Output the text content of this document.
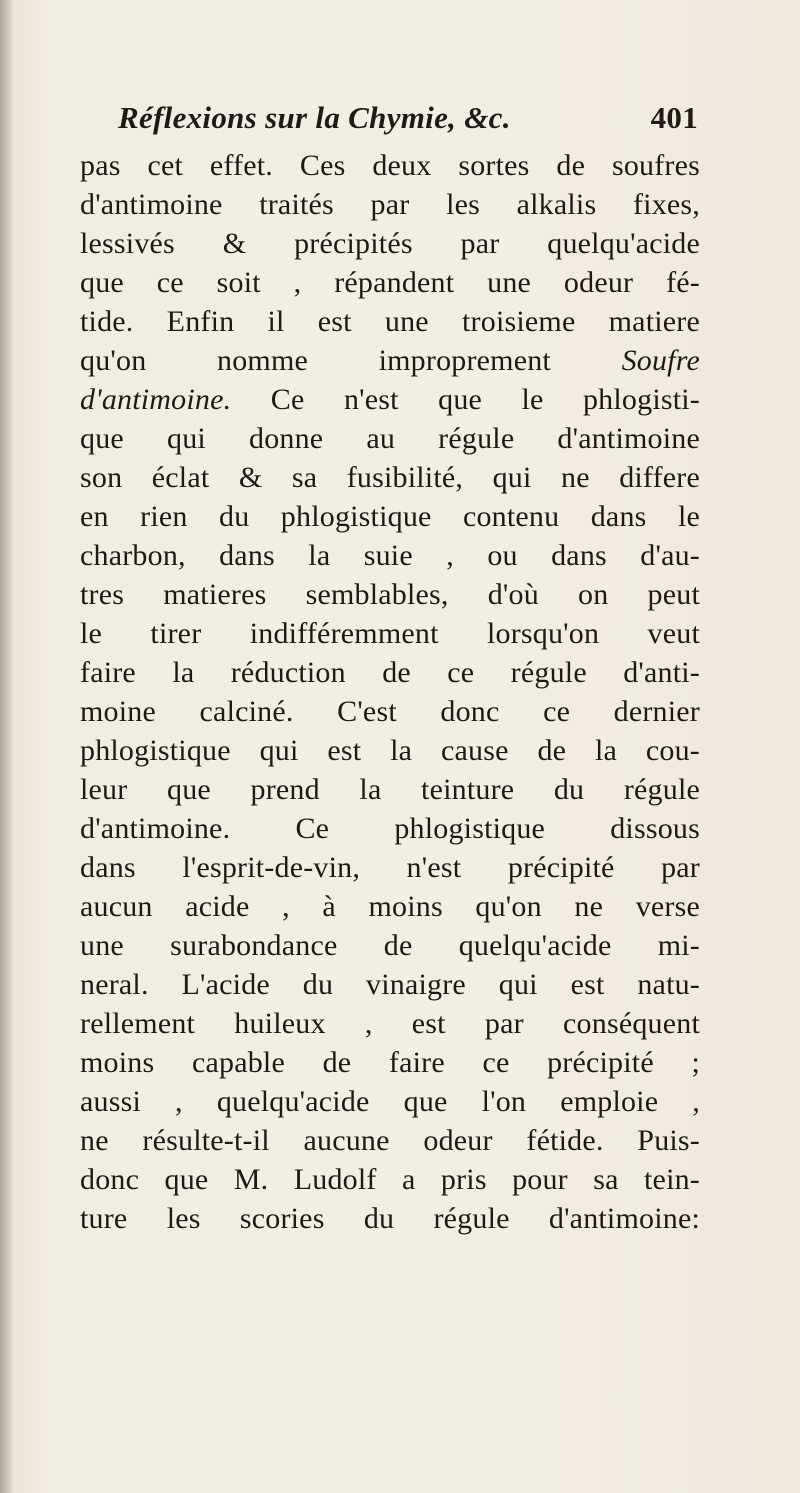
Réflexions sur la Chymie, &c.	401
pas cet effet. Ces deux sortes de soufres
d'antimoine traités par les alkalis fixes,
lessivés & précipités par quelqu'acide
que ce soit , répandent une odeur fé-
tide. Enfin il est une troisieme matiere
qu'on nomme improprement Soufre
d'antimoine. Ce n'est que le phlogisti-
que qui donne au régule d'antimoine
son éclat & sa fusibilité, qui ne differe
en rien du phlogistique contenu dans le
charbon, dans la suie , ou dans d'au-
tres matieres semblables, d'où on peut
le tirer indifféremment lorsqu'on veut
faire la réduction de ce régule d'anti-
moine calciné. C'est donc ce dernier
phlogistique qui est la cause de la cou-
leur que prend la teinture du régule
d'antimoine. Ce phlogistique dissous
dans l'esprit-de-vin, n'est précipité par
aucun acide , à moins qu'on ne verse
une surabondance de quelqu'acide mi-
neral. L'acide du vinaigre qui est natu-
rellement huileux , est par conséquent
moins capable de faire ce précipité ;
aussi , quelqu'acide que l'on emploie ,
ne résulte-t-il aucune odeur fétide. Puis-
donc que M. Ludolf a pris pour sa tein-
ture les scories du régule d'antimoine:
